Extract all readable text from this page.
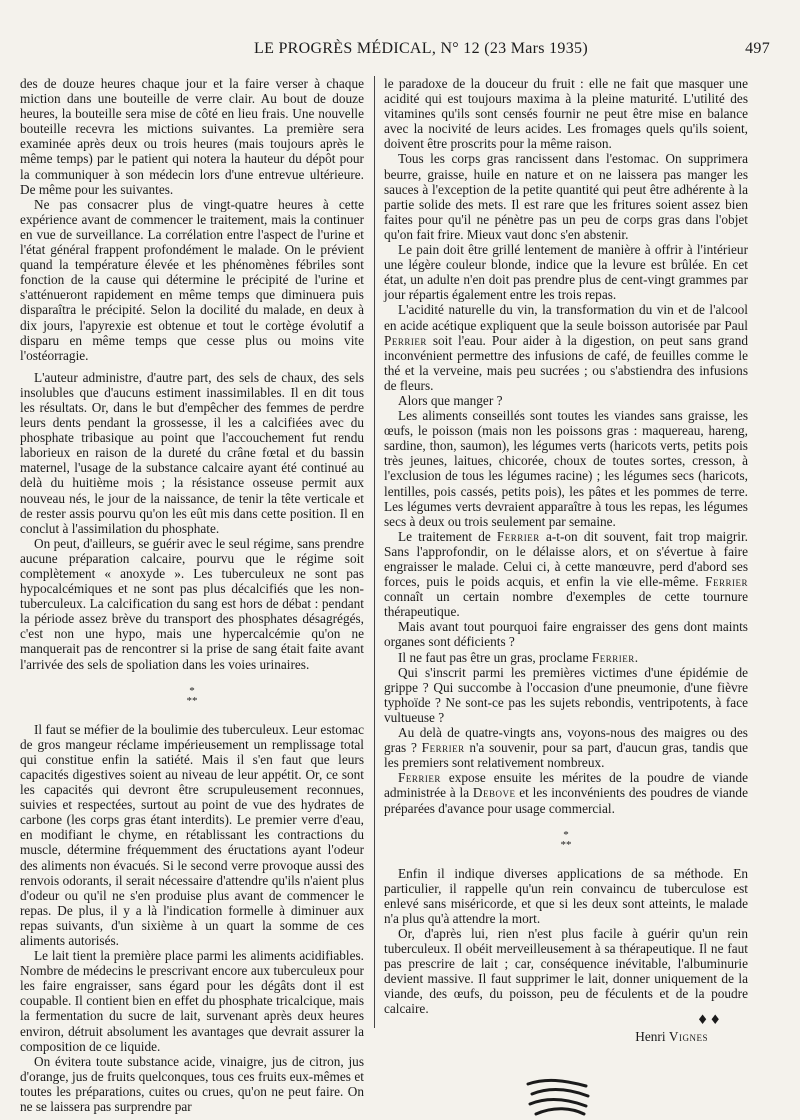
LE PROGRÈS MÉDICAL, N° 12 (23 Mars 1935)	497

des de douze heures chaque jour et la faire verser à chaque miction dans une bouteille de verre clair. Au bout de douze heures, la bouteille sera mise de côté en lieu frais. Une nouvelle bouteille recevra les mictions suivantes. La première sera examinée après deux ou trois heures (mais toujours après le même temps) par le patient qui notera la hauteur du dépôt pour la communiquer à son médecin lors d'une entrevue ultérieure. De même pour les suivantes.

Ne pas consacrer plus de vingt-quatre heures à cette expérience avant de commencer le traitement, mais la continuer en vue de surveillance. La corrélation entre l'aspect de l'urine et l'état général frappent profondément le malade. On le prévient quand la température élevée et les phénomènes fébriles sont fonction de la cause qui détermine le précipité de l'urine et s'atténueront rapidement en même temps que diminuera puis disparaîtra le précipité. Selon la docilité du malade, en deux à dix jours, l'apyrexie est obtenue et tout le cortège évolutif a disparu en même temps que cesse plus ou moins vite l'ostéorragie.

L'auteur administre, d'autre part, des sels de chaux, des sels insolubles que d'aucuns estiment inassimilables. Il en dit tous les résultats. Or, dans le but d'empêcher des femmes de perdre leurs dents pendant la grossesse, il les a calcifiées avec du phosphate tribasique au point que l'accouchement fut rendu laborieux en raison de la dureté du crâne fœtal et du bassin maternel, l'usage de la substance calcaire ayant été continué au delà du huitième mois ; la résistance osseuse permit aux nouveau nés, le jour de la naissance, de tenir la tête verticale et de rester assis pourvu qu'on les eût mis dans cette position. Il en conclut à l'assimilation du phosphate.

On peut, d'ailleurs, se guérir avec le seul régime, sans prendre aucune préparation calcaire, pourvu que le régime soit complètement « anoxyde ». Les tuberculeux ne sont pas hypocalcémiques et ne sont pas plus décalcifiés que les non-tuberculeux. La calcification du sang est hors de débat : pendant la période assez brève du transport des phosphates désagrégés, c'est non une hypo, mais une hypercalcémie qu'on ne manquerait pas de rencontrer si la prise de sang était faite avant l'arrivée des sels de spoliation dans les voies urinaires.

*
**

Il faut se méfier de la boulimie des tuberculeux. Leur estomac de gros mangeur réclame impérieusement un remplissage total qui constitue enfin la satiété. Mais il s'en faut que leurs capacités digestives soient au niveau de leur appétit. Or, ce sont les capacités qui devront être scrupuleusement reconnues, suivies et respectées, surtout au point de vue des hydrates de carbone (les corps gras étant interdits). Le premier verre d'eau, en modifiant le chyme, en rétablissant les contractions du muscle, détermine fréquemment des éructations ayant l'odeur des aliments non évacués. Si le second verre provoque aussi des renvois odorants, il serait nécessaire d'attendre qu'ils n'aient plus d'odeur ou qu'il ne s'en produise plus avant de commencer le repas. De plus, il y a là l'indication formelle à diminuer aux repas suivants, d'un sixième à un quart la somme de ces aliments autorisés.

Le lait tient la première place parmi les aliments acidifiables. Nombre de médecins le prescrivant encore aux tuberculeux pour les faire engraisser, sans égard pour les dégâts dont il est coupable. Il contient bien en effet du phosphate tricalcique, mais la fermentation du sucre de lait, survenant après deux heures environ, détruit absolument les avantages que devrait assurer la composition de ce liquide.

On évitera toute substance acide, vinaigre, jus de citron, jus d'orange, jus de fruits quelconques, tous ces fruits eux-mêmes et toutes les préparations, cuites ou crues, qu'on ne peut faire. On ne se laissera pas surprendre par

le paradoxe de la douceur du fruit : elle ne fait que masquer une acidité qui est toujours maxima à la pleine maturité. L'utilité des vitamines qu'ils sont censés fournir ne peut être mise en balance avec la nocivité de leurs acides. Les fromages quels qu'ils soient, doivent être proscrits pour la même raison.

Tous les corps gras rancissent dans l'estomac. On supprimera beurre, graisse, huile en nature et on ne laissera pas manger les sauces à l'exception de la petite quantité qui peut être adhérente à la partie solide des mets. Il est rare que les fritures soient assez bien faites pour qu'il ne pénètre pas un peu de corps gras dans l'objet qu'on fait frire. Mieux vaut donc s'en abstenir.

Le pain doit être grillé lentement de manière à offrir à l'intérieur une légère couleur blonde, indice que la levure est brûlée. En cet état, un adulte n'en doit pas prendre plus de cent-vingt grammes par jour répartis également entre les trois repas.

L'acidité naturelle du vin, la transformation du vin et de l'alcool en acide acétique expliquent que la seule boisson autorisée par Paul Perrier soit l'eau. Pour aider à la digestion, on peut sans grand inconvénient permettre des infusions de café, de feuilles comme le thé et la verveine, mais peu sucrées ; ou s'abstiendra des infusions de fleurs.

Alors que manger ?

Les aliments conseillés sont toutes les viandes sans graisse, les œufs, le poisson (mais non les poissons gras : maquereau, hareng, sardine, thon, saumon), les légumes verts (haricots verts, petits pois très jeunes, laitues, chicorée, choux de toutes sortes, cresson, à l'exclusion de tous les légumes racine) ; les légumes secs (haricots, lentilles, pois cassés, petits pois), les pâtes et les pommes de terre. Les légumes verts devraient apparaître à tous les repas, les légumes secs à deux ou trois seulement par semaine.

Le traitement de Ferrier a-t-on dit souvent, fait trop maigrir. Sans l'approfondir, on le délaisse alors, et on s'évertue à faire engraisser le malade. Celui ci, à cette manœuvre, perd d'abord ses forces, puis le poids acquis, et enfin la vie elle-même. Ferrier connaît un certain nombre d'exemples de cette tournure thérapeutique.

Mais avant tout pourquoi faire engraisser des gens dont maints organes sont déficients ?

Il ne faut pas être un gras, proclame Ferrier.

Qui s'inscrit parmi les premières victimes d'une épidémie de grippe ? Qui succombe à l'occasion d'une pneumonie, d'une fièvre typhoïde ? Ne sont-ce pas les sujets rebondis, ventripotents, à face vultueuse ?

Au delà de quatre-vingts ans, voyons-nous des maigres ou des gras ? Ferrier n'a souvenir, pour sa part, d'aucun gras, tandis que les premiers sont relativement nombreux.

Ferrier expose ensuite les mérites de la poudre de viande administrée à la Debove et les inconvénients des poudres de viande préparées d'avance pour usage commercial.

*
**

Enfin il indique diverses applications de sa méthode. En particulier, il rappelle qu'un rein convaincu de tuberculose est enlevé sans miséricorde, et que si les deux sont atteints, le malade n'a plus qu'à attendre la mort.

Or, d'après lui, rien n'est plus facile à guérir qu'un rein tuberculeux. Il obéit merveilleusement à sa thérapeutique. Il ne faut pas prescrire de lait ; car, conséquence inévitable, l'albuminurie devient massive. Il faut supprimer le lait, donner uniquement de la viande, des œufs, du poisson, peu de féculents et de la poudre calcaire.

Henri Vignes
♦♦
